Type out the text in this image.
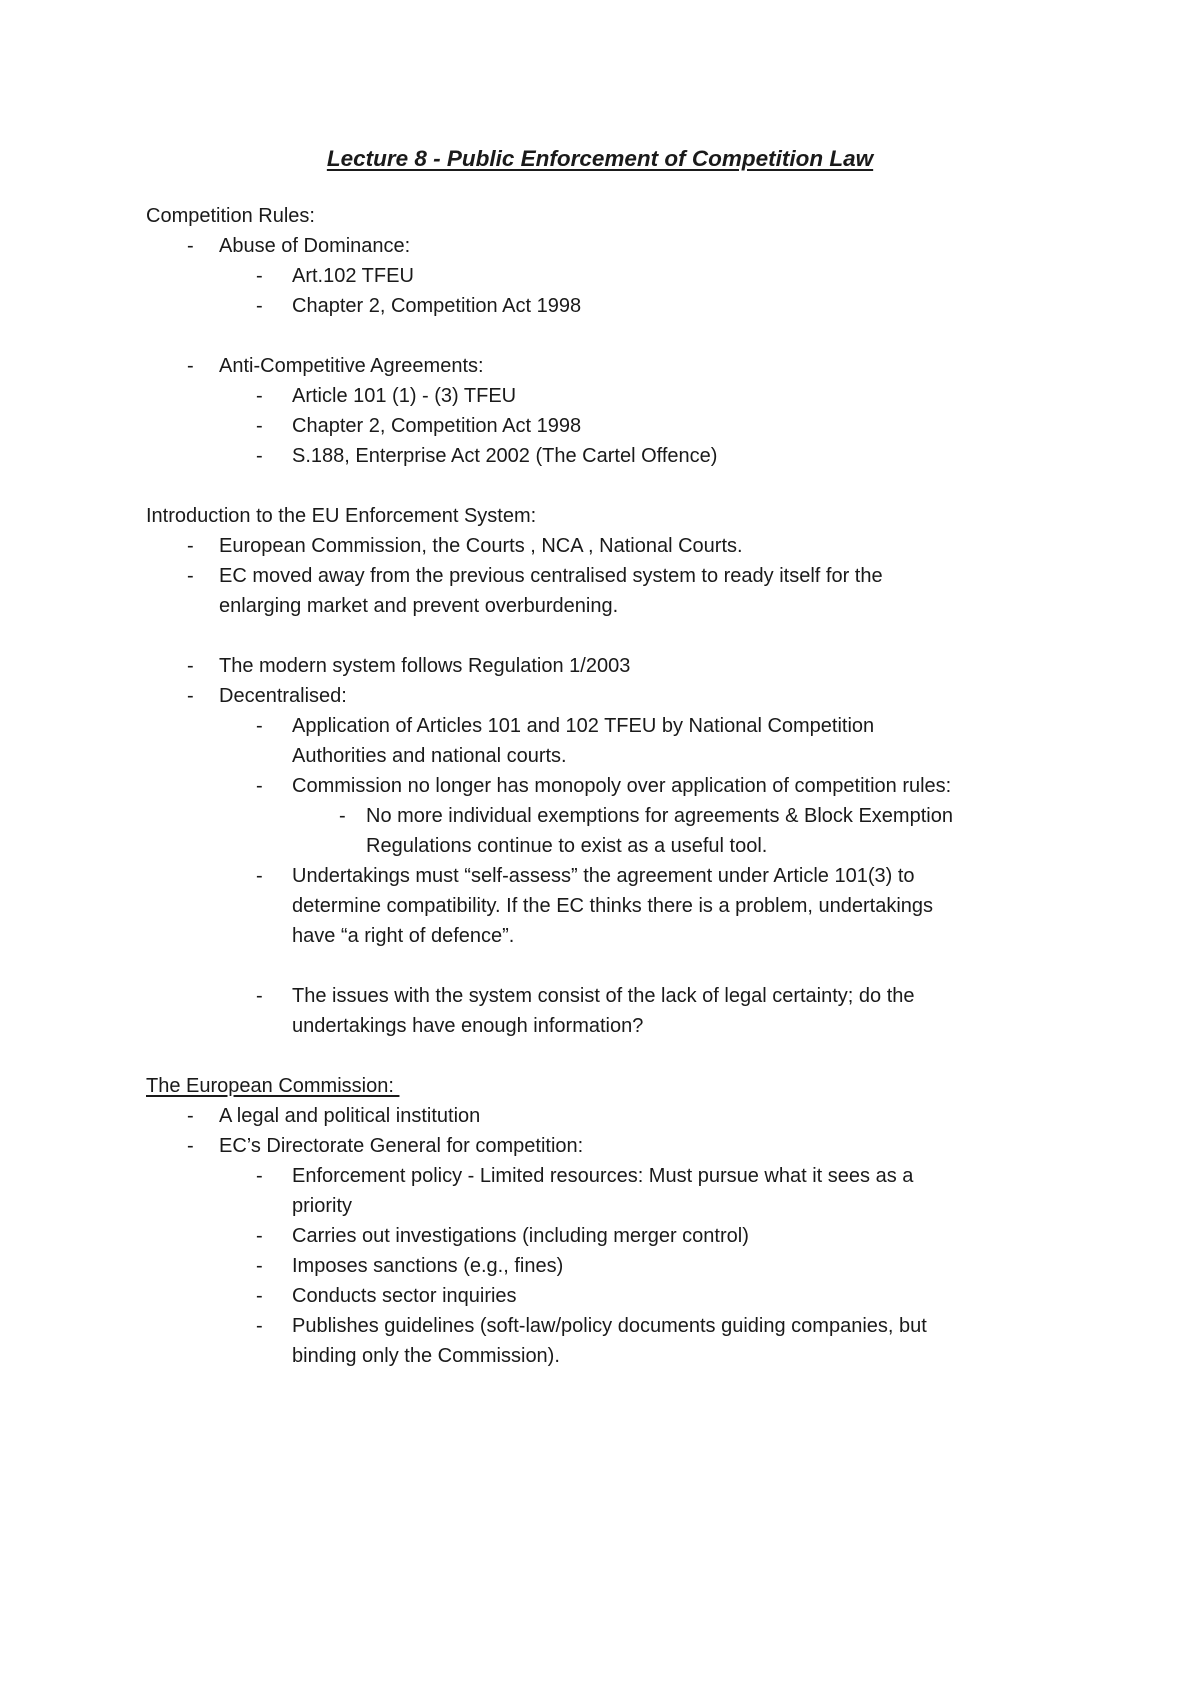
Lecture 8 - Public Enforcement of Competition Law
Competition Rules:
- Abuse of Dominance:
- Art.102 TFEU
- Chapter 2, Competition Act 1998
- Anti-Competitive Agreements:
- Article 101 (1) - (3) TFEU
- Chapter 2, Competition Act 1998
- S.188, Enterprise Act 2002 (The Cartel Offence)
Introduction to the EU Enforcement System:
- European Commission, the Courts , NCA , National Courts.
- EC moved away from the previous centralised system to ready itself for the
enlarging market and prevent overburdening.
- The modern system follows Regulation 1/2003
- Decentralised:
- Application of Articles 101 and 102 TFEU by National Competition
Authorities and national courts.
- Commission no longer has monopoly over application of competition rules:
- No more individual exemptions for agreements & Block Exemption
Regulations continue to exist as a useful tool.
- Undertakings must “self-assess” the agreement under Article 101(3) to
determine compatibility. If the EC thinks there is a problem, undertakings
have “a right of defence”.
- The issues with the system consist of the lack of legal certainty; do the
undertakings have enough information?
The European Commission:
- A legal and political institution
- EC’s Directorate General for competition:
- Enforcement policy - Limited resources: Must pursue what it sees as a
priority
- Carries out investigations (including merger control)
- Imposes sanctions (e.g., fines)
- Conducts sector inquiries
- Publishes guidelines (soft-law/policy documents guiding companies, but
binding only the Commission).
